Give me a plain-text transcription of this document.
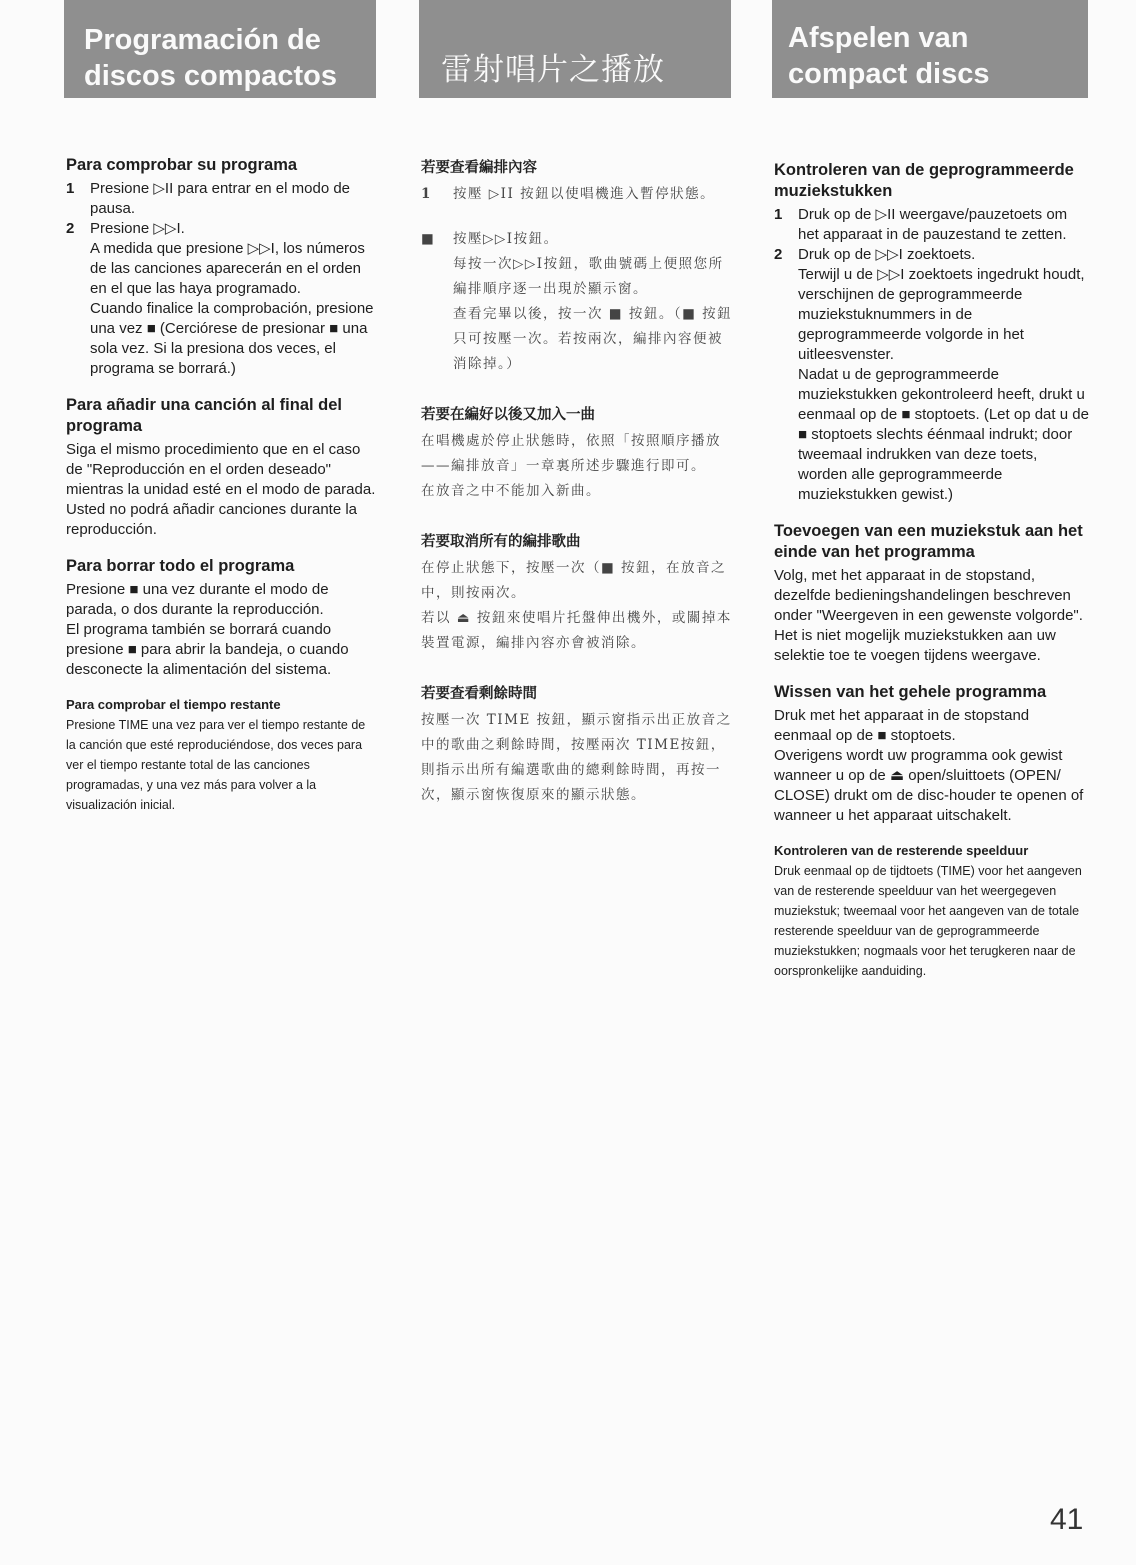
Programación de
discos compactos
Para comprobar su programa
1	Presione ▷II para entrar en el modo de pausa.
2	Presione ▷▷I.

A medida que presione ▷▷I, los números de las canciones aparecerán en el orden en el que las haya programado.

Cuando finalice la comprobación, presione una vez ■ (Cerciórese de presionar ■ una sola vez. Si la presiona dos veces, el programa se borrará.)

Para añadir una canción al final del programa

Siga el mismo procedimiento que en el caso de "Reproducción en el orden deseado" mientras la unidad esté en el modo de parada.

Usted no podrá añadir canciones durante la reproducción.

Para borrar todo el programa

Presione ■ una vez durante el modo de parada, o dos durante la reproducción.

El programa también se borrará cuando presione ■ para abrir la bandeja, o cuando desconecte la alimentación del sistema.

Para comprobar el tiempo restante

Presione TIME una vez para ver el tiempo restante de la canción que esté reproduciéndose, dos veces para ver el tiempo restante total de las canciones programadas, y una vez más para volver a la visualización inicial.

雷射唱片之播放
若要查看編排內容
1	按壓 ▷II 按鈕以使唱機進入暫停狀態。
■	按壓▷▷I按鈕。

每按一次▷▷I按鈕，歌曲號碼上便照您所編排順序逐一出現於顯示窗。

查看完畢以後，按一次 ■ 按鈕。（■ 按鈕只可按壓一次。若按兩次，編排內容便被消除掉。）

若要在編好以後又加入一曲

在唱機處於停止狀態時，依照「按照順序播放——編排放音」一章裏所述步驟進行即可。

在放音之中不能加入新曲。

若要取消所有的編排歌曲

在停止狀態下，按壓一次（■ 按鈕，在放音之中，則按兩次。

若以 ⏏ 按鈕來使唱片托盤伸出機外，或關掉本裝置電源，編排內容亦會被消除。

若要查看剩餘時間

按壓一次 TIME 按鈕，顯示窗指示出正放音之中的歌曲之剩餘時間，按壓兩次 TIME按鈕，則指示出所有編選歌曲的總剩餘時間，再按一次，顯示窗恢復原來的顯示狀態。

Afspelen van
compact discs
Kontroleren van de geprogrammeerde muziekstukken
1	Druk op de ▷II weergave/pauzetoets om het apparaat in de pauzestand te zetten.
2	Druk op de ▷▷I zoektoets.

Terwijl u de ▷▷I zoektoets ingedrukt houdt, verschijnen de geprogrammeerde muziekstuknummers in de geprogrammeerde volgorde in het uitleesvenster.

Nadat u de geprogrammeerde muziekstukken gekontroleerd heeft, drukt u eenmaal op de ■ stoptoets. (Let op dat u de ■ stoptoets slechts éénmaal indrukt; door tweemaal indrukken van deze toets, worden alle geprogrammeerde muziekstukken gewist.)

Toevoegen van een muziekstuk aan het einde van het programma

Volg, met het apparaat in de stopstand, dezelfde bedieningshandelingen beschreven onder "Weergeven in een gewenste volgorde".

Het is niet mogelijk muziekstukken aan uw selektie toe te voegen tijdens weergave.

Wissen van het gehele programma

Druk met het apparaat in de stopstand eenmaal op de ■ stoptoets.

Overigens wordt uw programma ook gewist wanneer u op de ⏏ open/sluittoets (OPEN/ CLOSE) drukt om de disc-houder te openen of wanneer u het apparaat uitschakelt.

Kontroleren van de resterende speelduur

Druk eenmaal op de tijdtoets (TIME) voor het aangeven van de resterende speelduur van het weergegeven muziekstuk; tweemaal voor het aangeven van de totale resterende speelduur van de geprogrammeerde muziekstukken; nogmaals voor het terugkeren naar de oorspronkelijke aanduiding.

41
